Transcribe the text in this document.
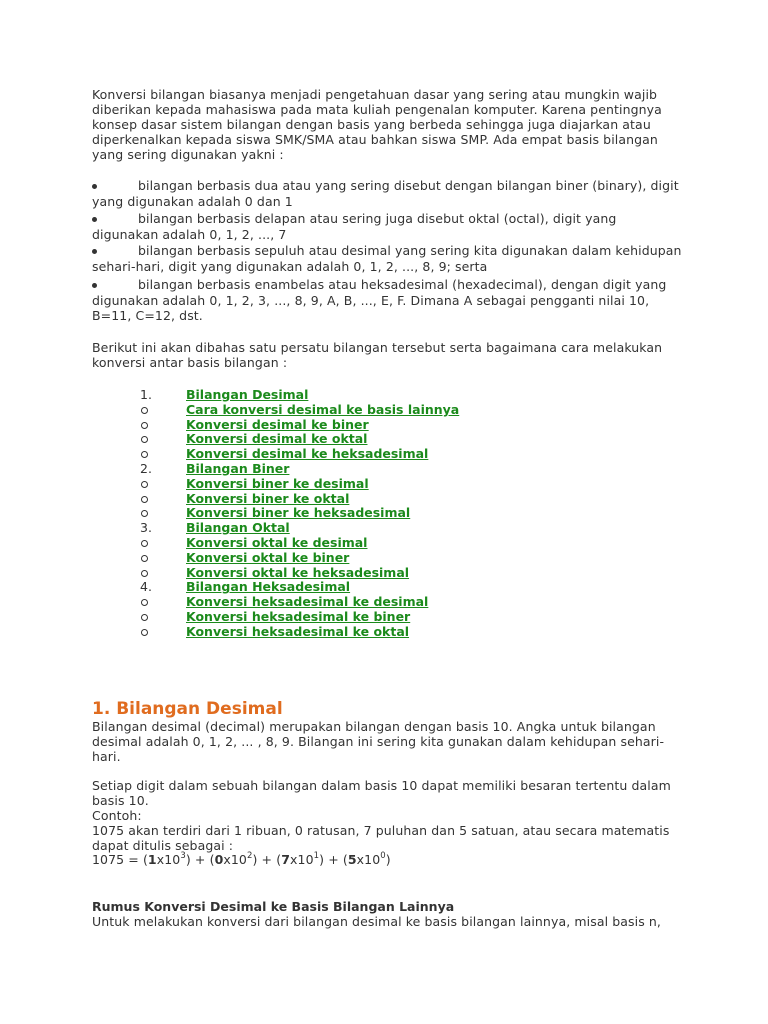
Konversi bilangan biasanya menjadi pengetahuan dasar yang sering atau mungkin wajib diberikan kepada mahasiswa pada mata kuliah pengenalan komputer. Karena pentingnya konsep dasar sistem bilangan dengan basis yang berbeda sehingga juga diajarkan atau diperkenalkan kepada siswa SMK/SMA atau bahkan siswa SMP. Ada empat basis bilangan yang sering digunakan yakni :
bilangan berbasis dua atau yang sering disebut dengan bilangan biner (binary), digit yang digunakan adalah 0 dan 1
bilangan berbasis delapan atau sering juga disebut oktal (octal), digit yang digunakan adalah 0, 1, 2, ..., 7
bilangan berbasis sepuluh atau desimal yang sering kita digunakan dalam kehidupan sehari-hari, digit yang digunakan adalah 0, 1, 2, ..., 8, 9; serta
bilangan berbasis enambelas atau heksadesimal (hexadecimal), dengan digit yang digunakan adalah 0, 1, 2, 3, ..., 8, 9, A, B, ..., E, F. Dimana A sebagai pengganti nilai 10, B=11, C=12, dst.
Berikut ini akan dibahas satu persatu bilangan tersebut serta bagaimana cara melakukan konversi antar basis bilangan :
1.	Bilangan Desimal
Cara konversi desimal ke basis lainnya
Konversi desimal ke biner
Konversi desimal ke oktal
Konversi desimal ke heksadesimal
2.	Bilangan Biner
Konversi biner ke desimal
Konversi biner ke oktal
Konversi biner ke heksadesimal
3.	Bilangan Oktal
Konversi oktal ke desimal
Konversi oktal ke biner
Konversi oktal ke heksadesimal
4.	Bilangan Heksadesimal
Konversi heksadesimal ke desimal
Konversi heksadesimal ke biner
Konversi heksadesimal ke oktal
1. Bilangan Desimal
Bilangan desimal (decimal) merupakan bilangan dengan basis 10. Angka untuk bilangan desimal adalah 0, 1, 2, ... , 8, 9. Bilangan ini sering kita gunakan dalam kehidupan sehari-hari.
Setiap digit dalam sebuah bilangan dalam basis 10 dapat memiliki besaran tertentu dalam basis 10.
Contoh:
1075 akan terdiri dari 1 ribuan, 0 ratusan, 7 puluhan dan 5 satuan, atau secara matematis dapat ditulis sebagai :
$1075 = (1x10^3) + (0x10^2) + (7x10^1) + (5x10^0)$
Rumus Konversi Desimal ke Basis Bilangan Lainnya
Untuk melakukan konversi dari bilangan desimal ke basis bilangan lainnya, misal basis n,
